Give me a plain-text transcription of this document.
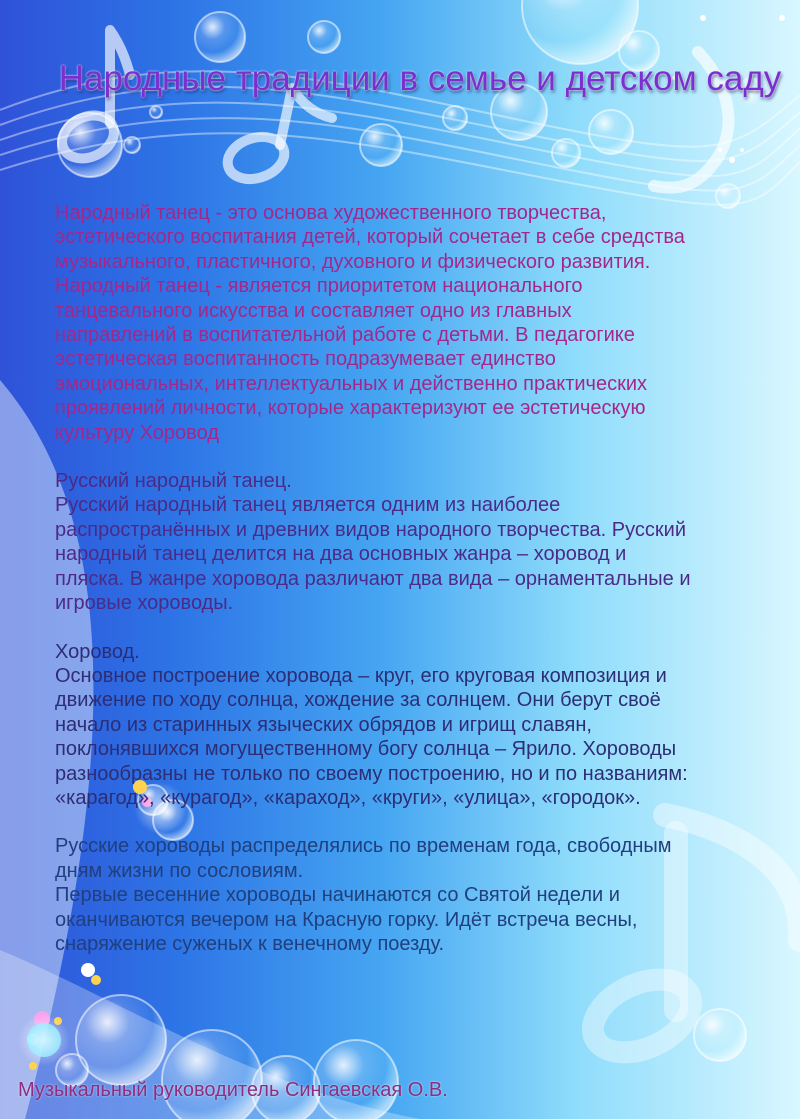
Народные традиции в семье и детском саду

Народный танец - это основа художественного творчества,
эстетического воспитания детей, который сочетает в себе средства
музыкального, пластичного, духовного и физического развития.
Народный танец - является приоритетом национального
танцевального искусства и составляет одно из главных
направлений в воспитательной работе с детьми. В педагогике
эстетическая воспитанность подразумевает единство
эмоциональных, интеллектуальных и действенно практических
проявлений личности, которые характеризуют ее эстетическую
культуру Хоровод

Русский народный танец.
Русский народный танец является одним из наиболее
распространённых и древних видов народного творчества. Русский
народный танец делится на два основных жанра – хоровод и
пляска. В жанре хоровода различают два вида – орнаментальные и
игровые хороводы.

Хоровод.
Основное построение хоровода – круг, его круговая композиция и
движение по ходу солнца, хождение за солнцем. Они берут своё
начало из старинных языческих обрядов и игрищ славян,
поклонявшихся могущественному богу солнца – Ярило. Хороводы
разнообразны не только по своему построению, но и по названиям:
«карагод», «курагод», «караход», «круги», «улица», «городок».

Русские хороводы распределялись по временам года, свободным
дням жизни по сословиям.
Первые весенние хороводы начинаются со Святой недели и
оканчиваются вечером на Красную горку. Идёт встреча весны,
снаряжение суженых к венечному поезду.

Музыкальный руководитель Сингаевская О.В.
